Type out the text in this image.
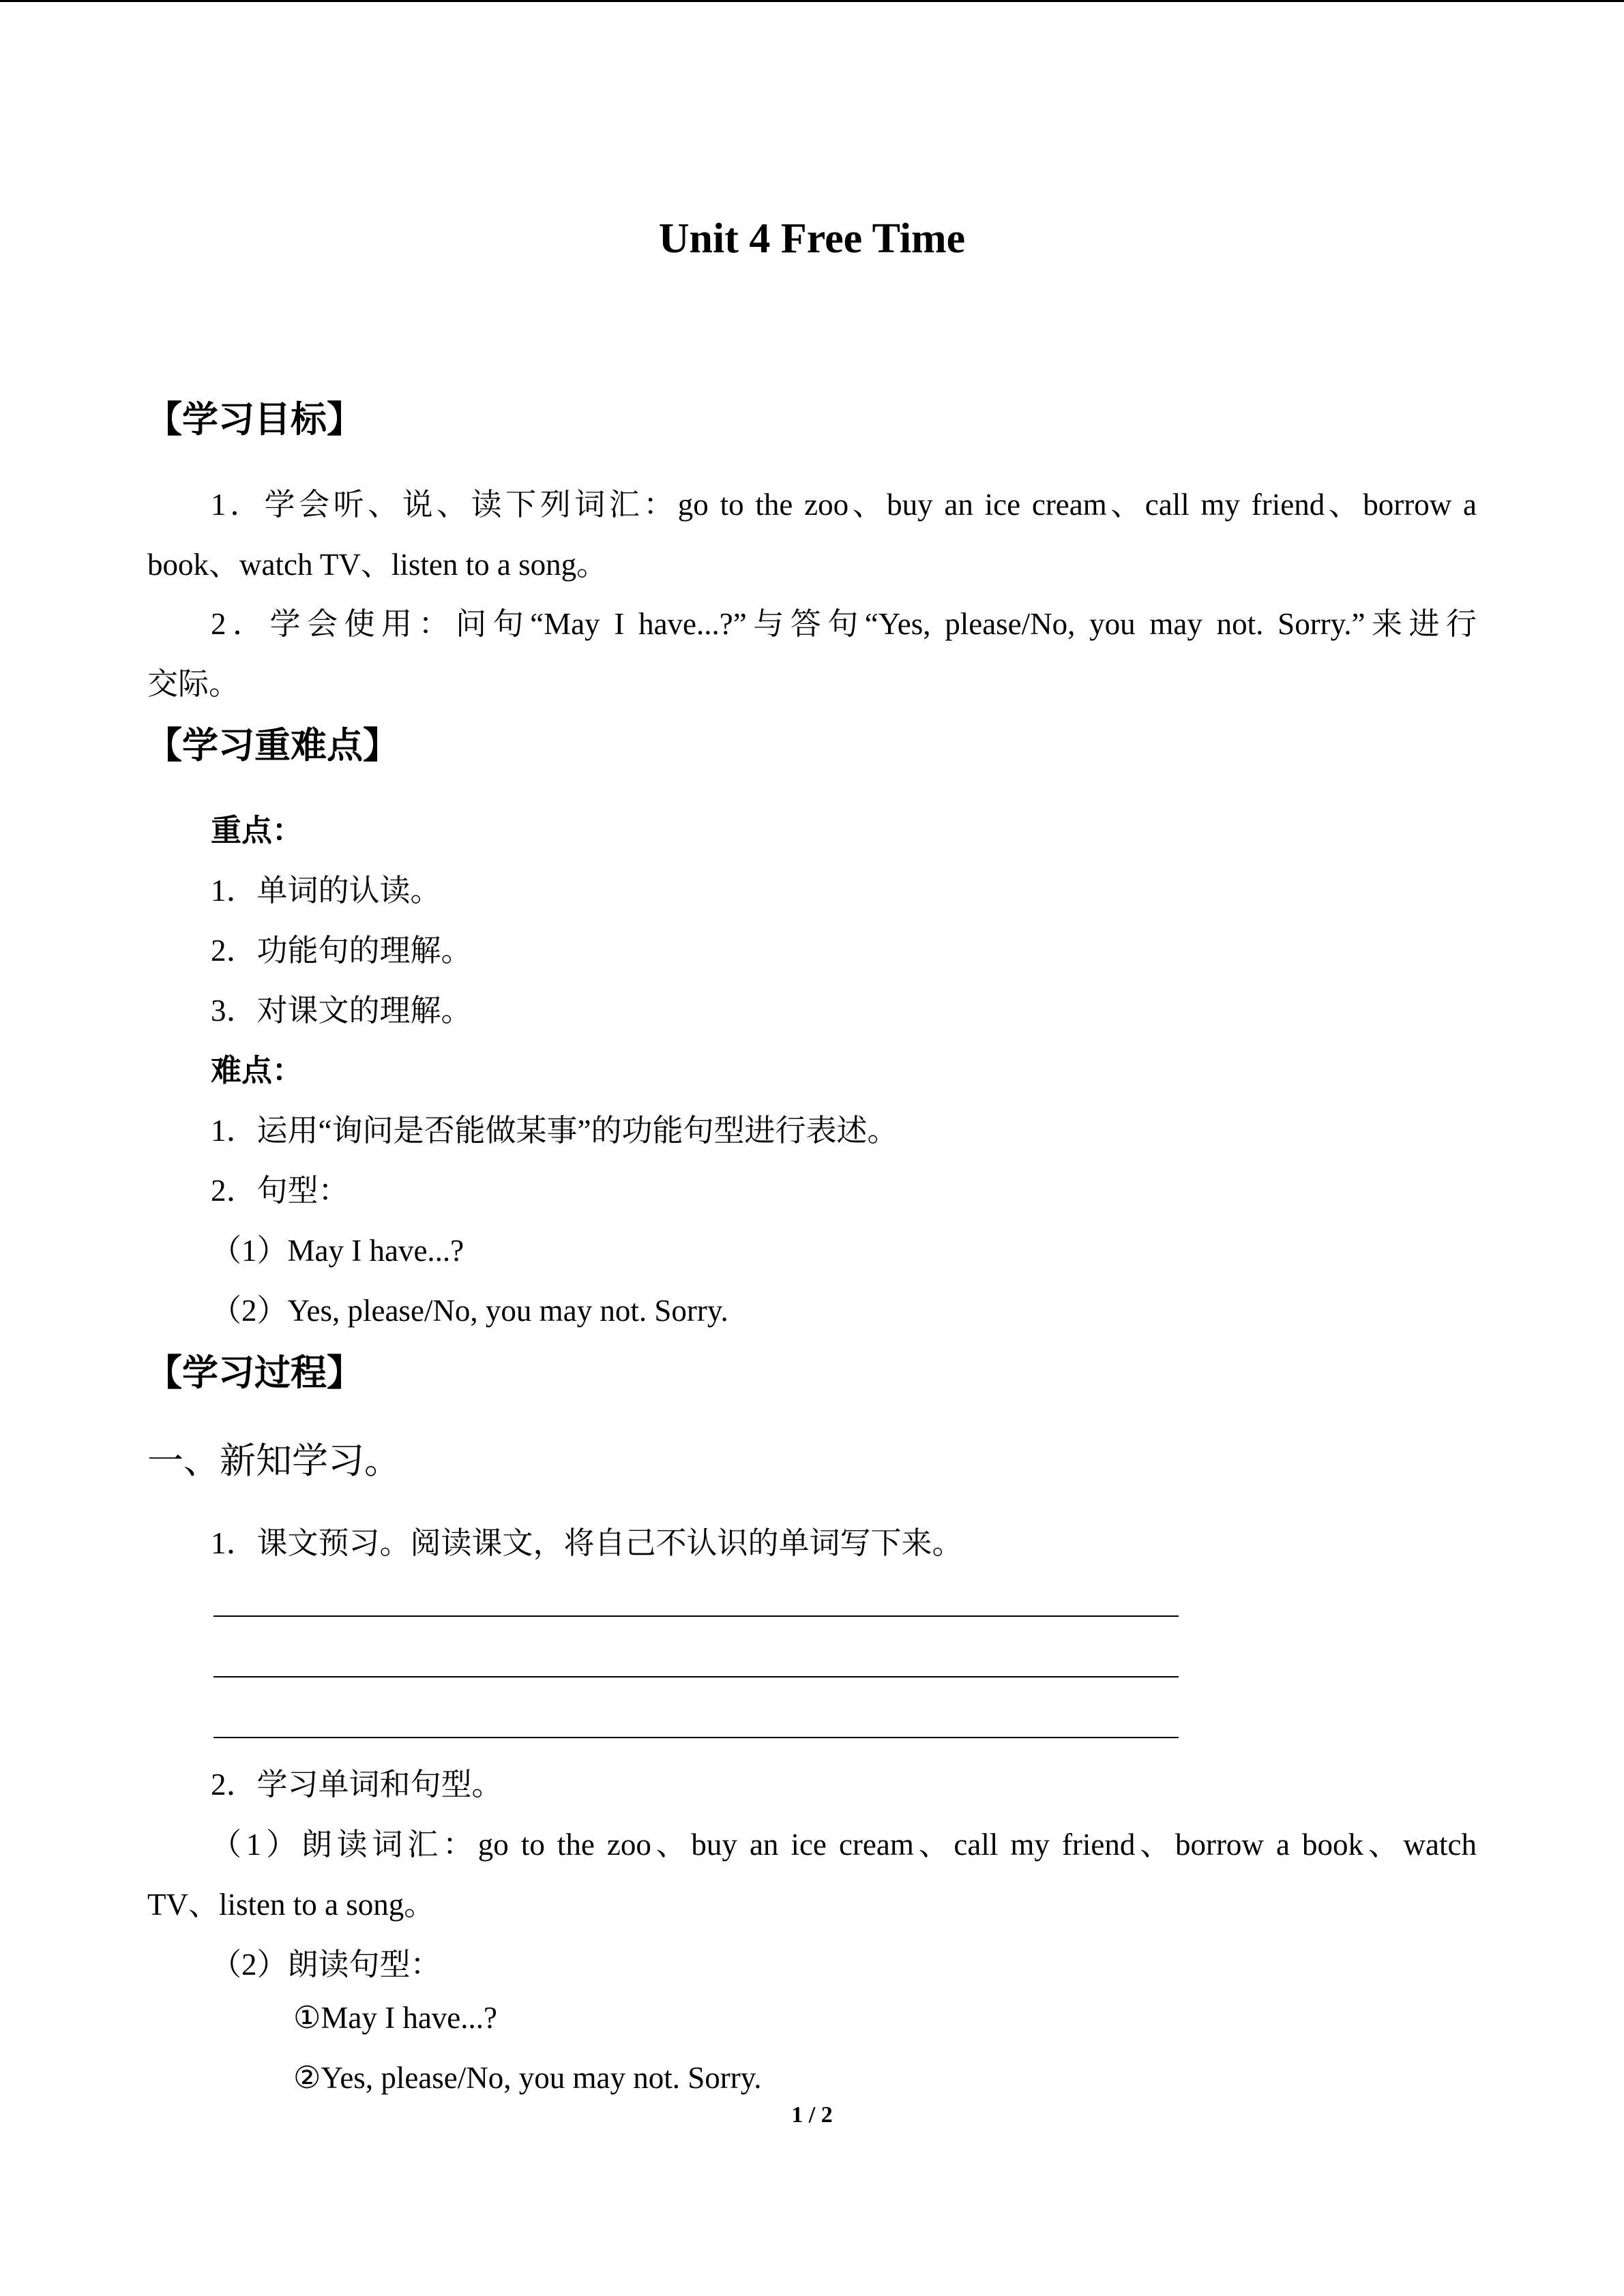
Unit 4 Free Time
【学习目标】
1．学会听、说、读下列词汇：go to the zoo、buy an ice cream、call my friend、borrow a
book、watch TV、listen to a song。
2．学会使用：问句“May I have...?”与答句“Yes, please/No, you may not. Sorry.”来进行
交际。
【学习重难点】
重点：
1．单词的认读。
2．功能句的理解。
3．对课文的理解。
难点：
1．运用“询问是否能做某事”的功能句型进行表述。
2．句型：
（1）May I have...?
（2）Yes, please/No, you may not. Sorry.
【学习过程】
一、新知学习。
1．课文预习。阅读课文，将自己不认识的单词写下来。
2．学习单词和句型。
（1）朗读词汇：go to the zoo、buy an ice cream、call my friend、borrow a book、watch
TV、listen to a song。
（2）朗读句型：
①May I have...?
②Yes, please/No, you may not. Sorry.
1 / 2
